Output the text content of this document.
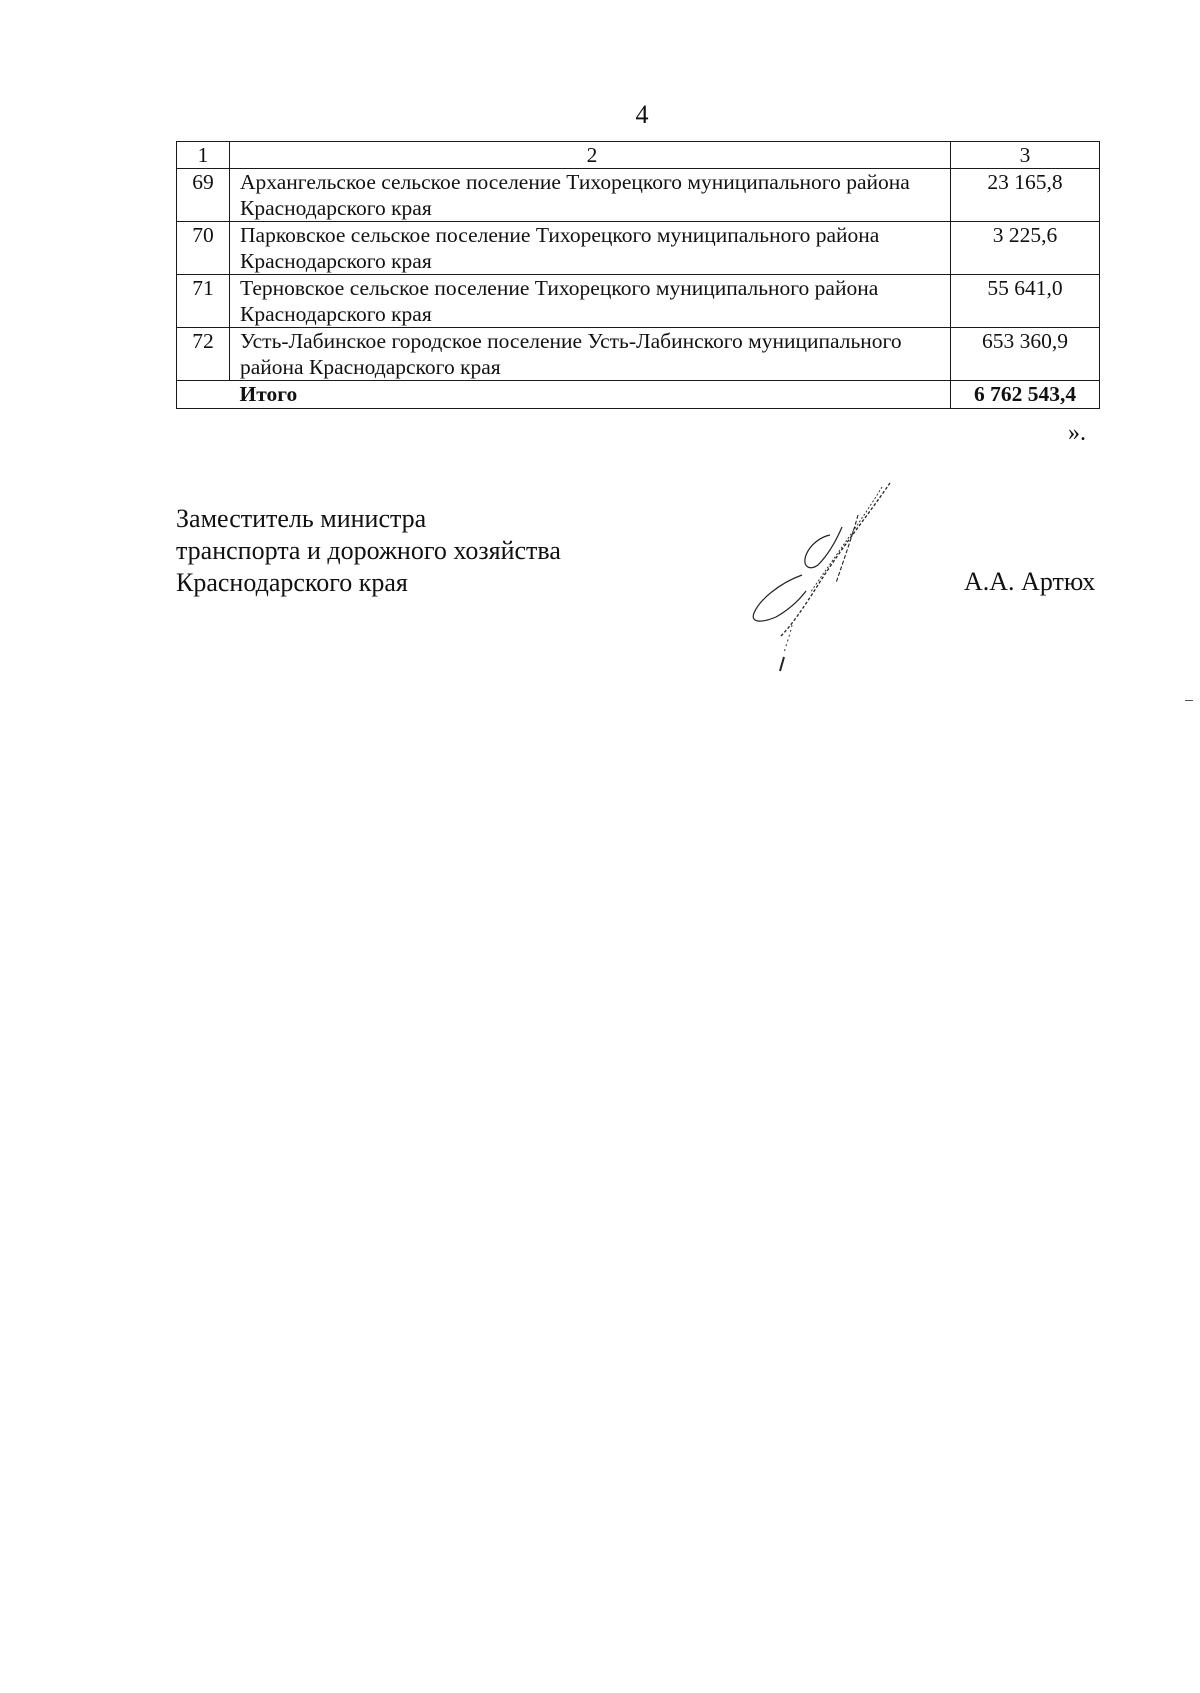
4
1	2	3
69	Архангельское сельское поселение Тихорецкого муниципального района Краснодарского края	23 165,8
70	Парковское сельское поселение Тихорецкого муниципального района Краснодарского края	3 225,6
71	Терновское сельское поселение Тихорецкого муниципального района Краснодарского края	55 641,0
72	Усть-Лабинское городское поселение Усть-Лабинского муниципального района Краснодарского края	653 360,9
	Итого	6 762 543,4
».
Заместитель министра
транспорта и дорожного хозяйства
Краснодарского края	А.А. Артюх
